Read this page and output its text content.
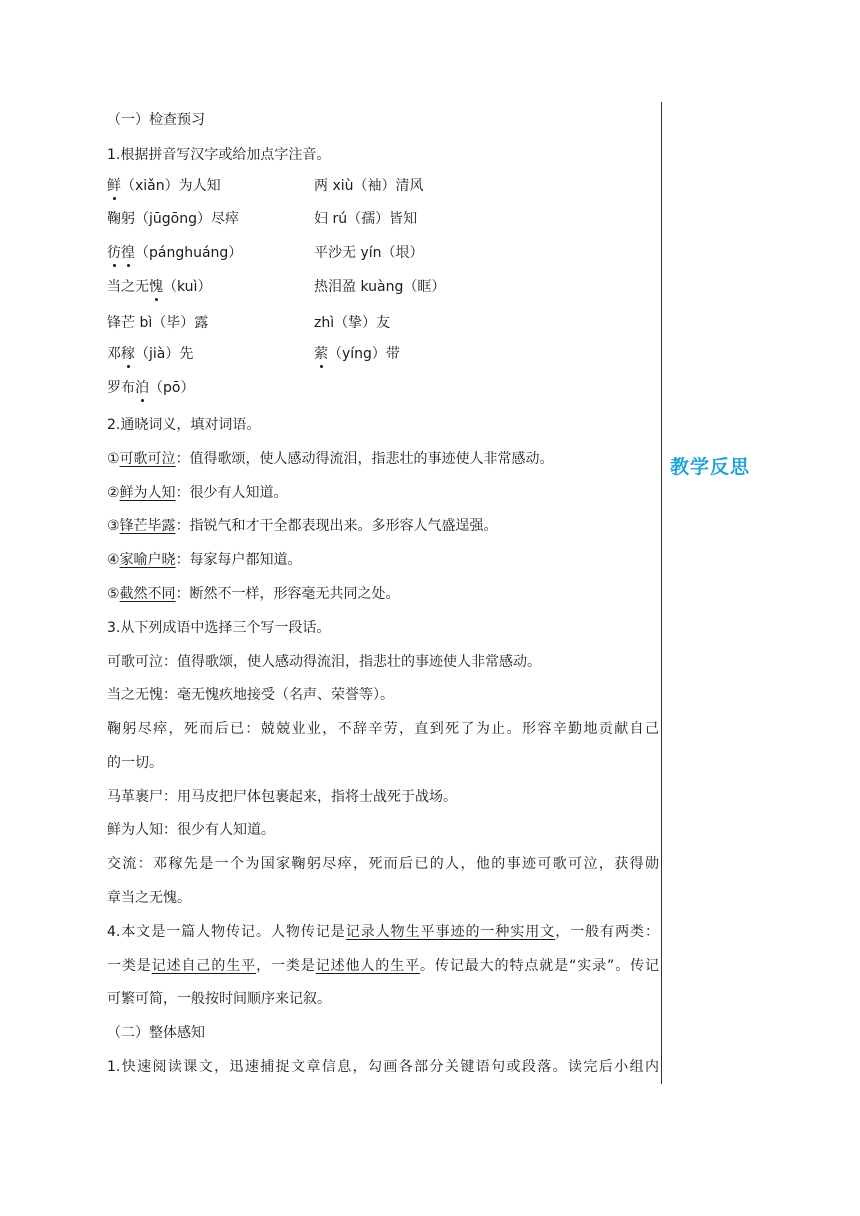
教学反思
（一）检查预习
1.根据拼音写汉字或给加点字注音。
鲜（xiǎn）为人知	两 xiù（袖）清风
鞠躬（jūgōng）尽瘁	妇 rú（孺）皆知
彷徨（pánghuáng）	平沙无 yín（垠）
当之无愧（kuì）	热泪盈 kuàng（眶）
锋芒 bì（毕）露	zhì（挚）友
邓稼（jià）先	萦（yíng）带
罗布泊（pō）
2.通晓词义，填对词语。
①可歌可泣：值得歌颂，使人感动得流泪，指悲壮的事迹使人非常感动。
②鲜为人知：很少有人知道。
③锋芒毕露：指锐气和才干全都表现出来。多形容人气盛逞强。
④家喻户晓：每家每户都知道。
⑤截然不同：断然不一样，形容毫无共同之处。
3.从下列成语中选择三个写一段话。
可歌可泣：值得歌颂，使人感动得流泪，指悲壮的事迹使人非常感动。
当之无愧：毫无愧疚地接受（名声、荣誉等）。
鞠躬尽瘁，死而后已：兢兢业业，不辞辛劳，直到死了为止。形容辛勤地贡献自己
的一切。
马革裹尸：用马皮把尸体包裹起来，指将士战死于战场。
鲜为人知：很少有人知道。
交流：邓稼先是一个为国家鞠躬尽瘁，死而后已的人，他的事迹可歌可泣，获得勋
章当之无愧。
4.本文是一篇人物传记。人物传记是记录人物生平事迹的一种实用文，一般有两类：
一类是记述自己的生平，一类是记述他人的生平。传记最大的特点就是“实录”。传记
可繁可简，一般按时间顺序来记叙。
（二）整体感知
1.快速阅读课文，迅速捕捉文章信息，勾画各部分关键语句或段落。读完后小组内
